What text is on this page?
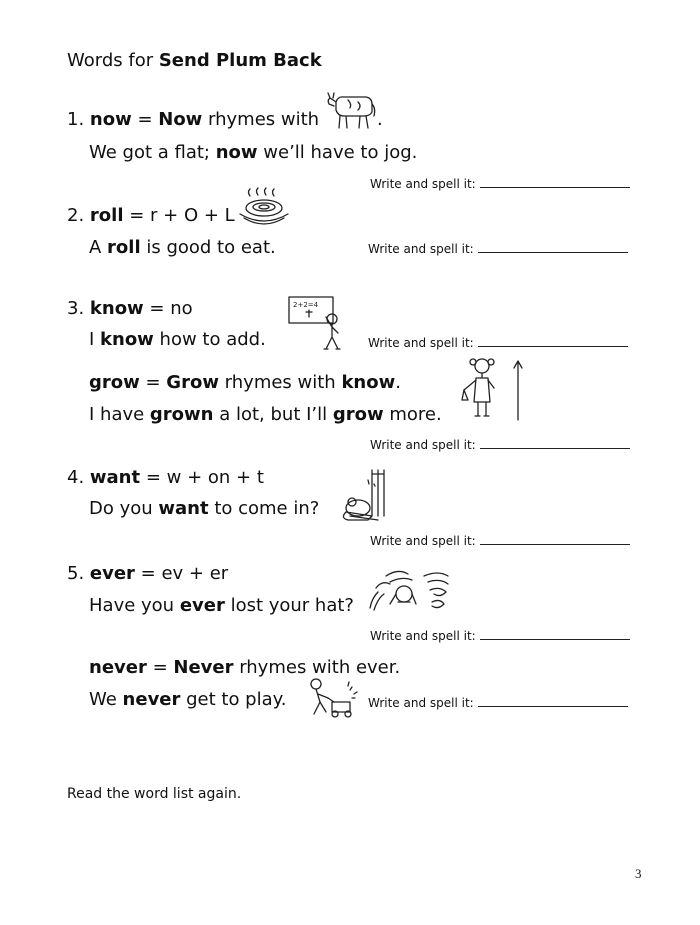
Words for Send Plum Back
1. now = Now rhymes with	.
We got a flat; now we’ll have to jog.
Write and spell it:
2. roll = r + O + L
A roll is good to eat.	Write and spell it:
3. know = no	2+2=4
I know how to add.	Write and spell it:
grow = Grow rhymes with know.
I have grown a lot, but I’ll grow more.
Write and spell it:
4. want = w + on + t
Do you want to come in?
Write and spell it:
5. ever = ev + er
Have you ever lost your hat?
Write and spell it:
never = Never rhymes with ever.
We never get to play.	Write and spell it:
Read the word list again.
3
